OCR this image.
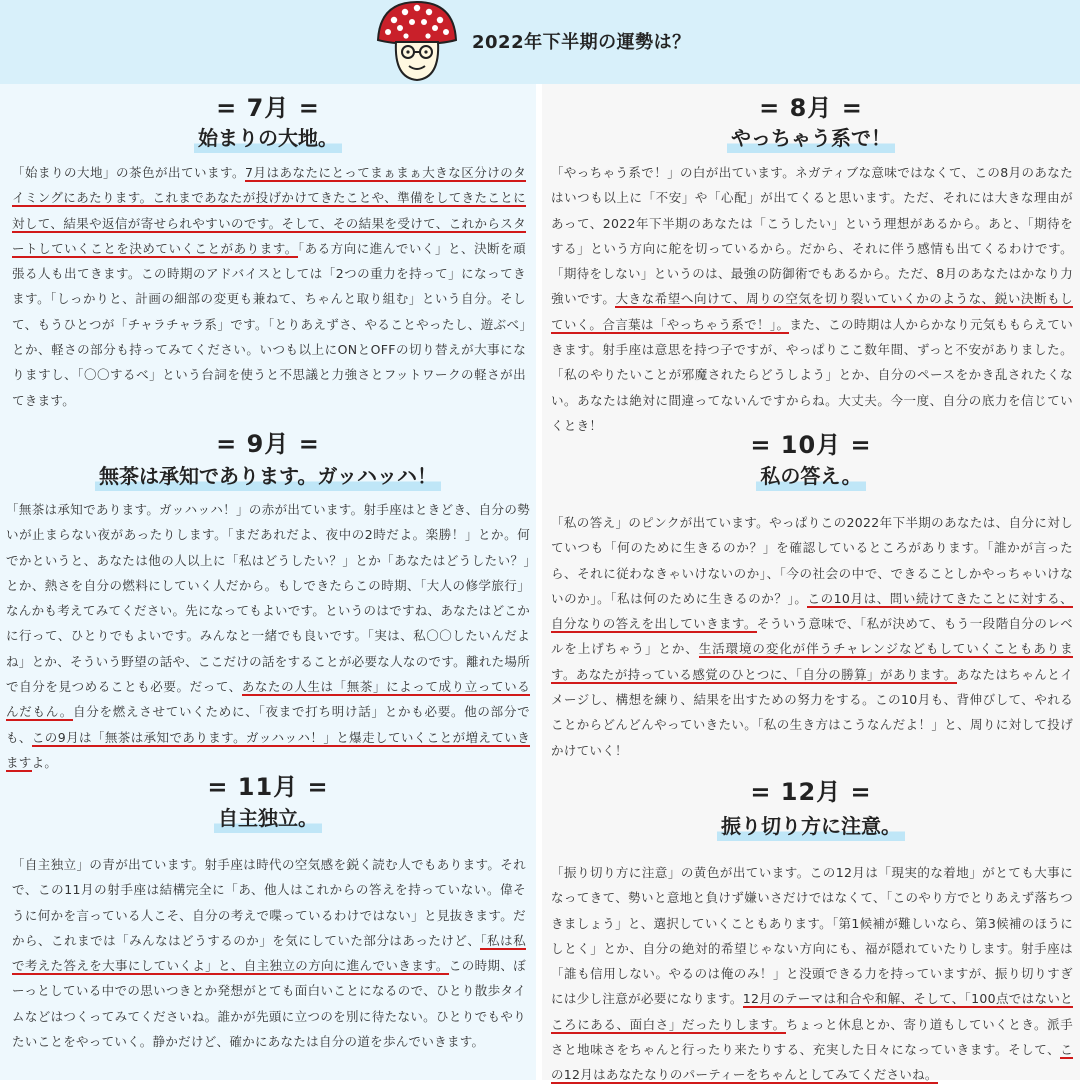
2022年下半期の運勢は？
= 7月 =
始まりの大地。

「始まりの大地」の茶色が出ています。7月はあなたにとってまぁまぁ大きな区分けのタイミングにあたります。これまであなたが投げかけてきたことや、準備をしてきたことに対して、結果や返信が寄せられやすいのです。そして、その結果を受けて、これからスタートしていくことを決めていくことがあります。「ある方向に進んでいく」と、決断を頑張る人も出てきます。この時期のアドバイスとしては「2つの重力を持って」になってきます。「しっかりと、計画の細部の変更も兼ねて、ちゃんと取り組む」という自分。そして、もうひとつが「チャラチャラ系」です。「とりあえずさ、やることやったし、遊ぶべ」とか、軽さの部分も持ってみてください。いつも以上にONとOFFの切り替えが大事になりますし、「〇〇するべ」という台詞を使うと不思議と力強さとフットワークの軽さが出てきます。

= 8月 =
やっちゃう系で！

「やっちゃう系で！」の白が出ています。ネガティブな意味ではなくて、この8月のあなたはいつも以上に「不安」や「心配」が出てくると思います。ただ、それには大きな理由があって、2022年下半期のあなたは「こうしたい」という理想があるから。あと、「期待をする」という方向に舵を切っているから。だから、それに伴う感情も出てくるわけです。「期待をしない」というのは、最強の防御術でもあるから。ただ、8月のあなたはかなり力強いです。大きな希望へ向けて、周りの空気を切り裂いていくかのような、鋭い決断もしていく。合言葉は「やっちゃう系で！」。また、この時期は人からかなり元気ももらえていきます。射手座は意思を持つ子ですが、やっぱりここ数年間、ずっと不安がありました。「私のやりたいことが邪魔されたらどうしよう」とか、自分のペースをかき乱されたくない。あなたは絶対に間違ってないんですからね。大丈夫。今一度、自分の底力を信じていくとき！

= 9月 =
無茶は承知であります。ガッハッハ！

「無茶は承知であります。ガッハッハ！」の赤が出ています。射手座はときどき、自分の勢いが止まらない夜があったりします。「まだあれだよ、夜中の2時だよ。楽勝！」とか。何でかというと、あなたは他の人以上に「私はどうしたい？」とか「あなたはどうしたい？」とか、熱さを自分の燃料にしていく人だから。もしできたらこの時期、「大人の修学旅行」なんかも考えてみてください。先になってもよいです。というのはですね、あなたはどこかに行って、ひとりでもよいです。みんなと一緒でも良いです。「実は、私〇〇したいんだよね」とか、そういう野望の話や、ここだけの話をすることが必要な人なのです。離れた場所で自分を見つめることも必要。だって、あなたの人生は「無茶」によって成り立っているんだもん。自分を燃えさせていくために、「夜まで打ち明け話」とかも必要。他の部分でも、この9月は「無茶は承知であります。ガッハッハ！」と爆走していくことが増えていきますよ。

= 10月 =
私の答え。

「私の答え」のピンクが出ています。やっぱりこの2022年下半期のあなたは、自分に対していつも「何のために生きるのか？」を確認しているところがあります。「誰かが言ったら、それに従わなきゃいけないのか」、「今の社会の中で、できることしかやっちゃいけないのか」。「私は何のために生きるのか？」。この10月は、問い続けてきたことに対する、自分なりの答えを出していきます。そういう意味で、「私が決めて、もう一段階自分のレベルを上げちゃう」とか、生活環境の変化が伴うチャレンジなどもしていくこともあります。あなたが持っている感覚のひとつに、「自分の勝算」があります。あなたはちゃんとイメージし、構想を練り、結果を出すための努力をする。この10月も、背伸びして、やれることからどんどんやっていきたい。「私の生き方はこうなんだよ！」と、周りに対して投げかけていく！

= 11月 =
自主独立。

「自主独立」の青が出ています。射手座は時代の空気感を鋭く読む人でもあります。それで、この11月の射手座は結構完全に「あ、他人はこれからの答えを持っていない。偉そうに何かを言っている人こそ、自分の考えで喋っているわけではない」と見抜きます。だから、これまでは「みんなはどうするのか」を気にしていた部分はあったけど、「私は私で考えた答えを大事にしていくよ」と、自主独立の方向に進んでいきます。この時期、ぼーっとしている中での思いつきとか発想がとても面白いことになるので、ひとり散歩タイムなどはつくってみてくださいね。誰かが先頭に立つのを別に待たない。ひとりでもやりたいことをやっていく。静かだけど、確かにあなたは自分の道を歩んでいきます。

= 12月 =
振り切り方に注意。

「振り切り方に注意」の黄色が出ています。この12月は「現実的な着地」がとても大事になってきて、勢いと意地と負けず嫌いさだけではなくて、「このやり方でとりあえず落ちつきましょう」と、選択していくこともあります。「第1候補が難しいなら、第3候補のほうにしとく」とか、自分の絶対的希望じゃない方向にも、福が隠れていたりします。射手座は「誰も信用しない。やるのは俺のみ！」と没頭できる力を持っていますが、振り切りすぎには少し注意が必要になります。12月のテーマは和合や和解、そして、「100点ではないところにある、面白さ」だったりします。ちょっと休息とか、寄り道もしていくとき。派手さと地味さをちゃんと行ったり来たりする、充実した日々になっていきます。そして、この12月はあなたなりのパーティーをちゃんとしてみてくださいね。
